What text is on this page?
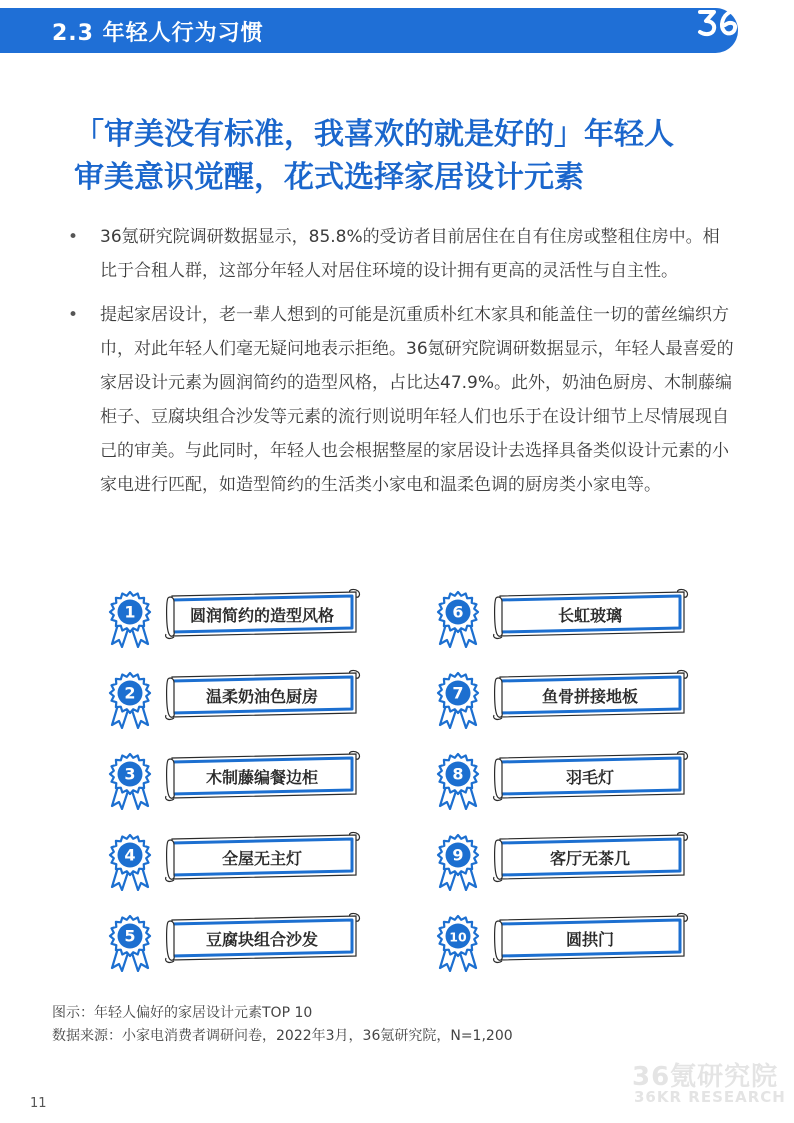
2.3 年轻人行为习惯
「审美没有标准，我喜欢的就是好的」年轻人
审美意识觉醒，花式选择家居设计元素
• 36氪研究院调研数据显示，85.8%的受访者目前居住在自有住房或整租住房中。相比于合租人群，这部分年轻人对居住环境的设计拥有更高的灵活性与自主性。
• 提起家居设计，老一辈人想到的可能是沉重质朴红木家具和能盖住一切的蕾丝编织方巾，对此年轻人们毫无疑问地表示拒绝。36氪研究院调研数据显示，年轻人最喜爱的家居设计元素为圆润简约的造型风格，占比达47.9%。此外，奶油色厨房、木制藤编柜子、豆腐块组合沙发等元素的流行则说明年轻人们也乐于在设计细节上尽情展现自己的审美。与此同时，年轻人也会根据整屋的家居设计去选择具备类似设计元素的小家电进行匹配，如造型简约的生活类小家电和温柔色调的厨房类小家电等。
1	圆润简约的造型风格
2	温柔奶油色厨房
3	木制藤编餐边柜
4	全屋无主灯
5	豆腐块组合沙发
6	长虹玻璃
7	鱼骨拼接地板
8	羽毛灯
9	客厅无茶几
10	圆拱门
图示：年轻人偏好的家居设计元素TOP 10
数据来源：小家电消费者调研问卷，2022年3月，36氪研究院，N=1,200
36氪研究院
36KR RESEARCH
11
